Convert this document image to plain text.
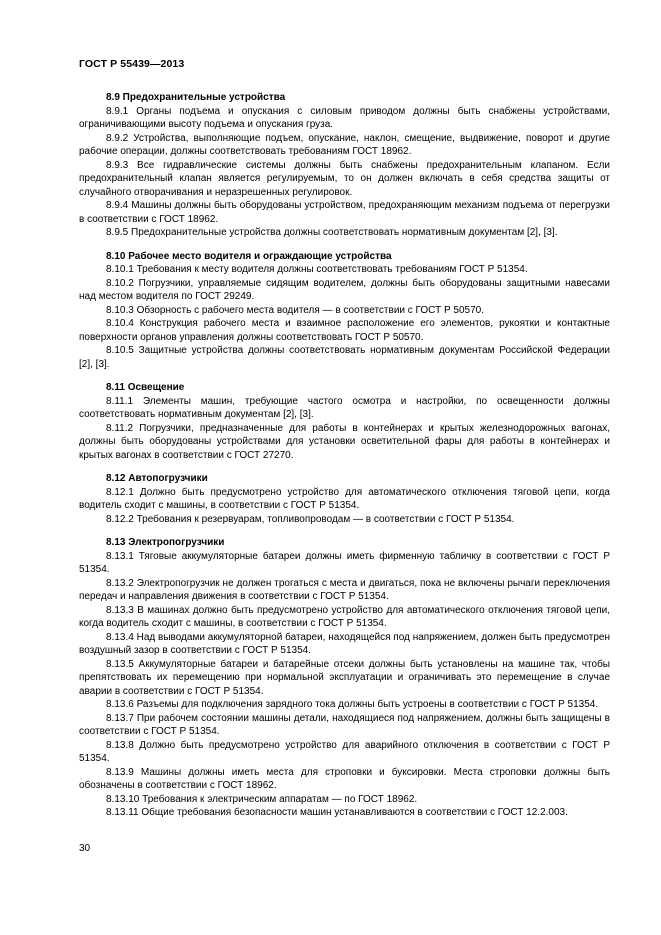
ГОСТ Р 55439—2013
8.9 Предохранительные устройства

8.9.1 Органы подъема и опускания с силовым приводом должны быть снабжены устройствами, ограничивающими высоту подъема и опускания груза.

8.9.2 Устройства, выполняющие подъем, опускание, наклон, смещение, выдвижение, поворот и другие рабочие операции, должны соответствовать требованиям ГОСТ 18962.

8.9.3 Все гидравлические системы должны быть снабжены предохранительным клапаном. Если предохранительный клапан является регулируемым, то он должен включать в себя средства защиты от случайного отворачивания и неразрешенных регулировок.

8.9.4 Машины должны быть оборудованы устройством, предохраняющим механизм подъема от перегрузки в соответствии с ГОСТ 18962.

8.9.5 Предохранительные устройства должны соответствовать нормативным документам [2], [3].

8.10 Рабочее место водителя и ограждающие устройства

8.10.1 Требования к месту водителя должны соответствовать требованиям ГОСТ Р 51354.

8.10.2 Погрузчики, управляемые сидящим водителем, должны быть оборудованы защитными навесами над местом водителя по ГОСТ 29249.

8.10.3 Обзорность с рабочего места водителя — в соответствии с ГОСТ Р 50570.

8.10.4 Конструкция рабочего места и взаимное расположение его элементов, рукоятки и контактные поверхности органов управления должны соответствовать ГОСТ Р 50570.

8.10.5 Защитные устройства должны соответствовать нормативным документам Российской Федерации [2], [3].

8.11 Освещение

8.11.1 Элементы машин, требующие частого осмотра и настройки, по освещенности должны соответствовать нормативным документам [2], [3].

8.11.2 Погрузчики, предназначенные для работы в контейнерах и крытых железнодорожных вагонах, должны быть оборудованы устройствами для установки осветительной фары для работы в контейнерах и крытых вагонах в соответствии с ГОСТ 27270.

8.12 Автопогрузчики

8.12.1 Должно быть предусмотрено устройство для автоматического отключения тяговой цепи, когда водитель сходит с машины, в соответствии с ГОСТ Р 51354.

8.12.2 Требования к резервуарам, топливопроводам — в соответствии с ГОСТ Р 51354.

8.13 Электропогрузчики

8.13.1 Тяговые аккумуляторные батареи должны иметь фирменную табличку в соответствии с ГОСТ Р 51354.

8.13.2 Электропогрузчик не должен трогаться с места и двигаться, пока не включены рычаги переключения передач и направления движения в соответствии с ГОСТ Р 51354.

8.13.3 В машинах должно быть предусмотрено устройство для автоматического отключения тяговой цепи, когда водитель сходит с машины, в соответствии с ГОСТ Р 51354.

8.13.4 Над выводами аккумуляторной батареи, находящейся под напряжением, должен быть предусмотрен воздушный зазор в соответствии с ГОСТ Р 51354.

8.13.5 Аккумуляторные батареи и батарейные отсеки должны быть установлены на машине так, чтобы препятствовать их перемещению при нормальной эксплуатации и ограничивать это перемещение в случае аварии в соответствии с ГОСТ Р 51354.

8.13.6 Разъемы для подключения зарядного тока должны быть устроены в соответствии с ГОСТ Р 51354.

8.13.7 При рабочем состоянии машины детали, находящиеся под напряжением, должны быть защищены в соответствии с ГОСТ Р 51354.

8.13.8 Должно быть предусмотрено устройство для аварийного отключения в соответствии с ГОСТ Р 51354.

8.13.9 Машины должны иметь места для строповки и буксировки. Места строповки должны быть обозначены в соответствии с ГОСТ 18962.

8.13.10 Требования к электрическим аппаратам — по ГОСТ 18962.

8.13.11 Общие требования безопасности машин устанавливаются в соответствии с ГОСТ 12.2.003.

30
